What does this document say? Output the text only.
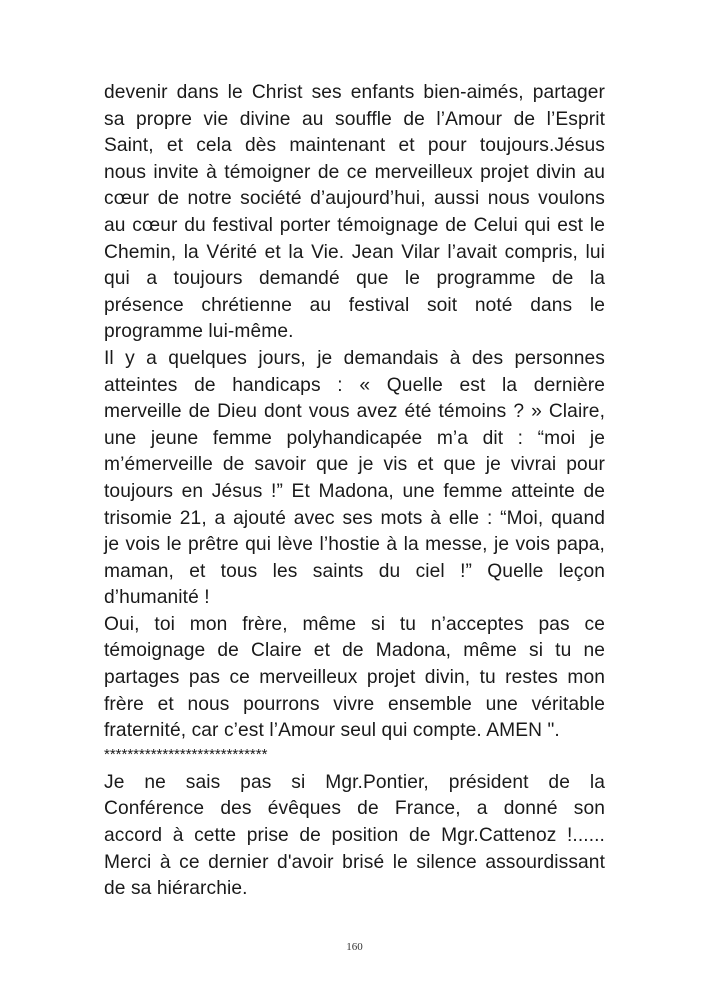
devenir dans le Christ ses enfants bien-aimés, partager
sa propre vie divine au souffle de l’Amour de l’Esprit
Saint, et cela dès maintenant et pour toujours.Jésus
nous invite à témoigner de ce merveilleux projet divin au
cœur de notre société d’aujourd’hui, aussi nous voulons
au cœur du festival porter témoignage de Celui qui est le
Chemin, la Vérité et la Vie. Jean Vilar l’avait compris, lui
qui a toujours demandé que le programme de la
présence chrétienne au festival soit noté dans le
programme lui-même.
Il y a quelques jours, je demandais à des personnes
atteintes de handicaps : « Quelle est la dernière
merveille de Dieu dont vous avez été témoins ? » Claire,
une jeune femme polyhandicapée m’a dit : “moi je
m’émerveille de savoir que je vis et que je vivrai pour
toujours en Jésus !” Et Madona, une femme atteinte de
trisomie 21, a ajouté avec ses mots à elle : “Moi, quand
je vois le prêtre qui lève l’hostie à la messe, je vois papa,
maman, et tous les saints du ciel !” Quelle leçon
d’humanité !
Oui, toi mon frère, même si tu n’acceptes pas ce
témoignage de Claire et de Madona, même si tu ne
partages pas ce merveilleux projet divin, tu restes mon
frère et nous pourrons vivre ensemble une véritable
fraternité, car c’est l’Amour seul qui compte. AMEN ".
****************************
Je ne sais pas si Mgr.Pontier, président de la
Conférence des évêques de France, a donné son
accord à cette prise de position de Mgr.Cattenoz !......
Merci à ce dernier d'avoir brisé le silence assourdissant
de sa hiérarchie.
160
